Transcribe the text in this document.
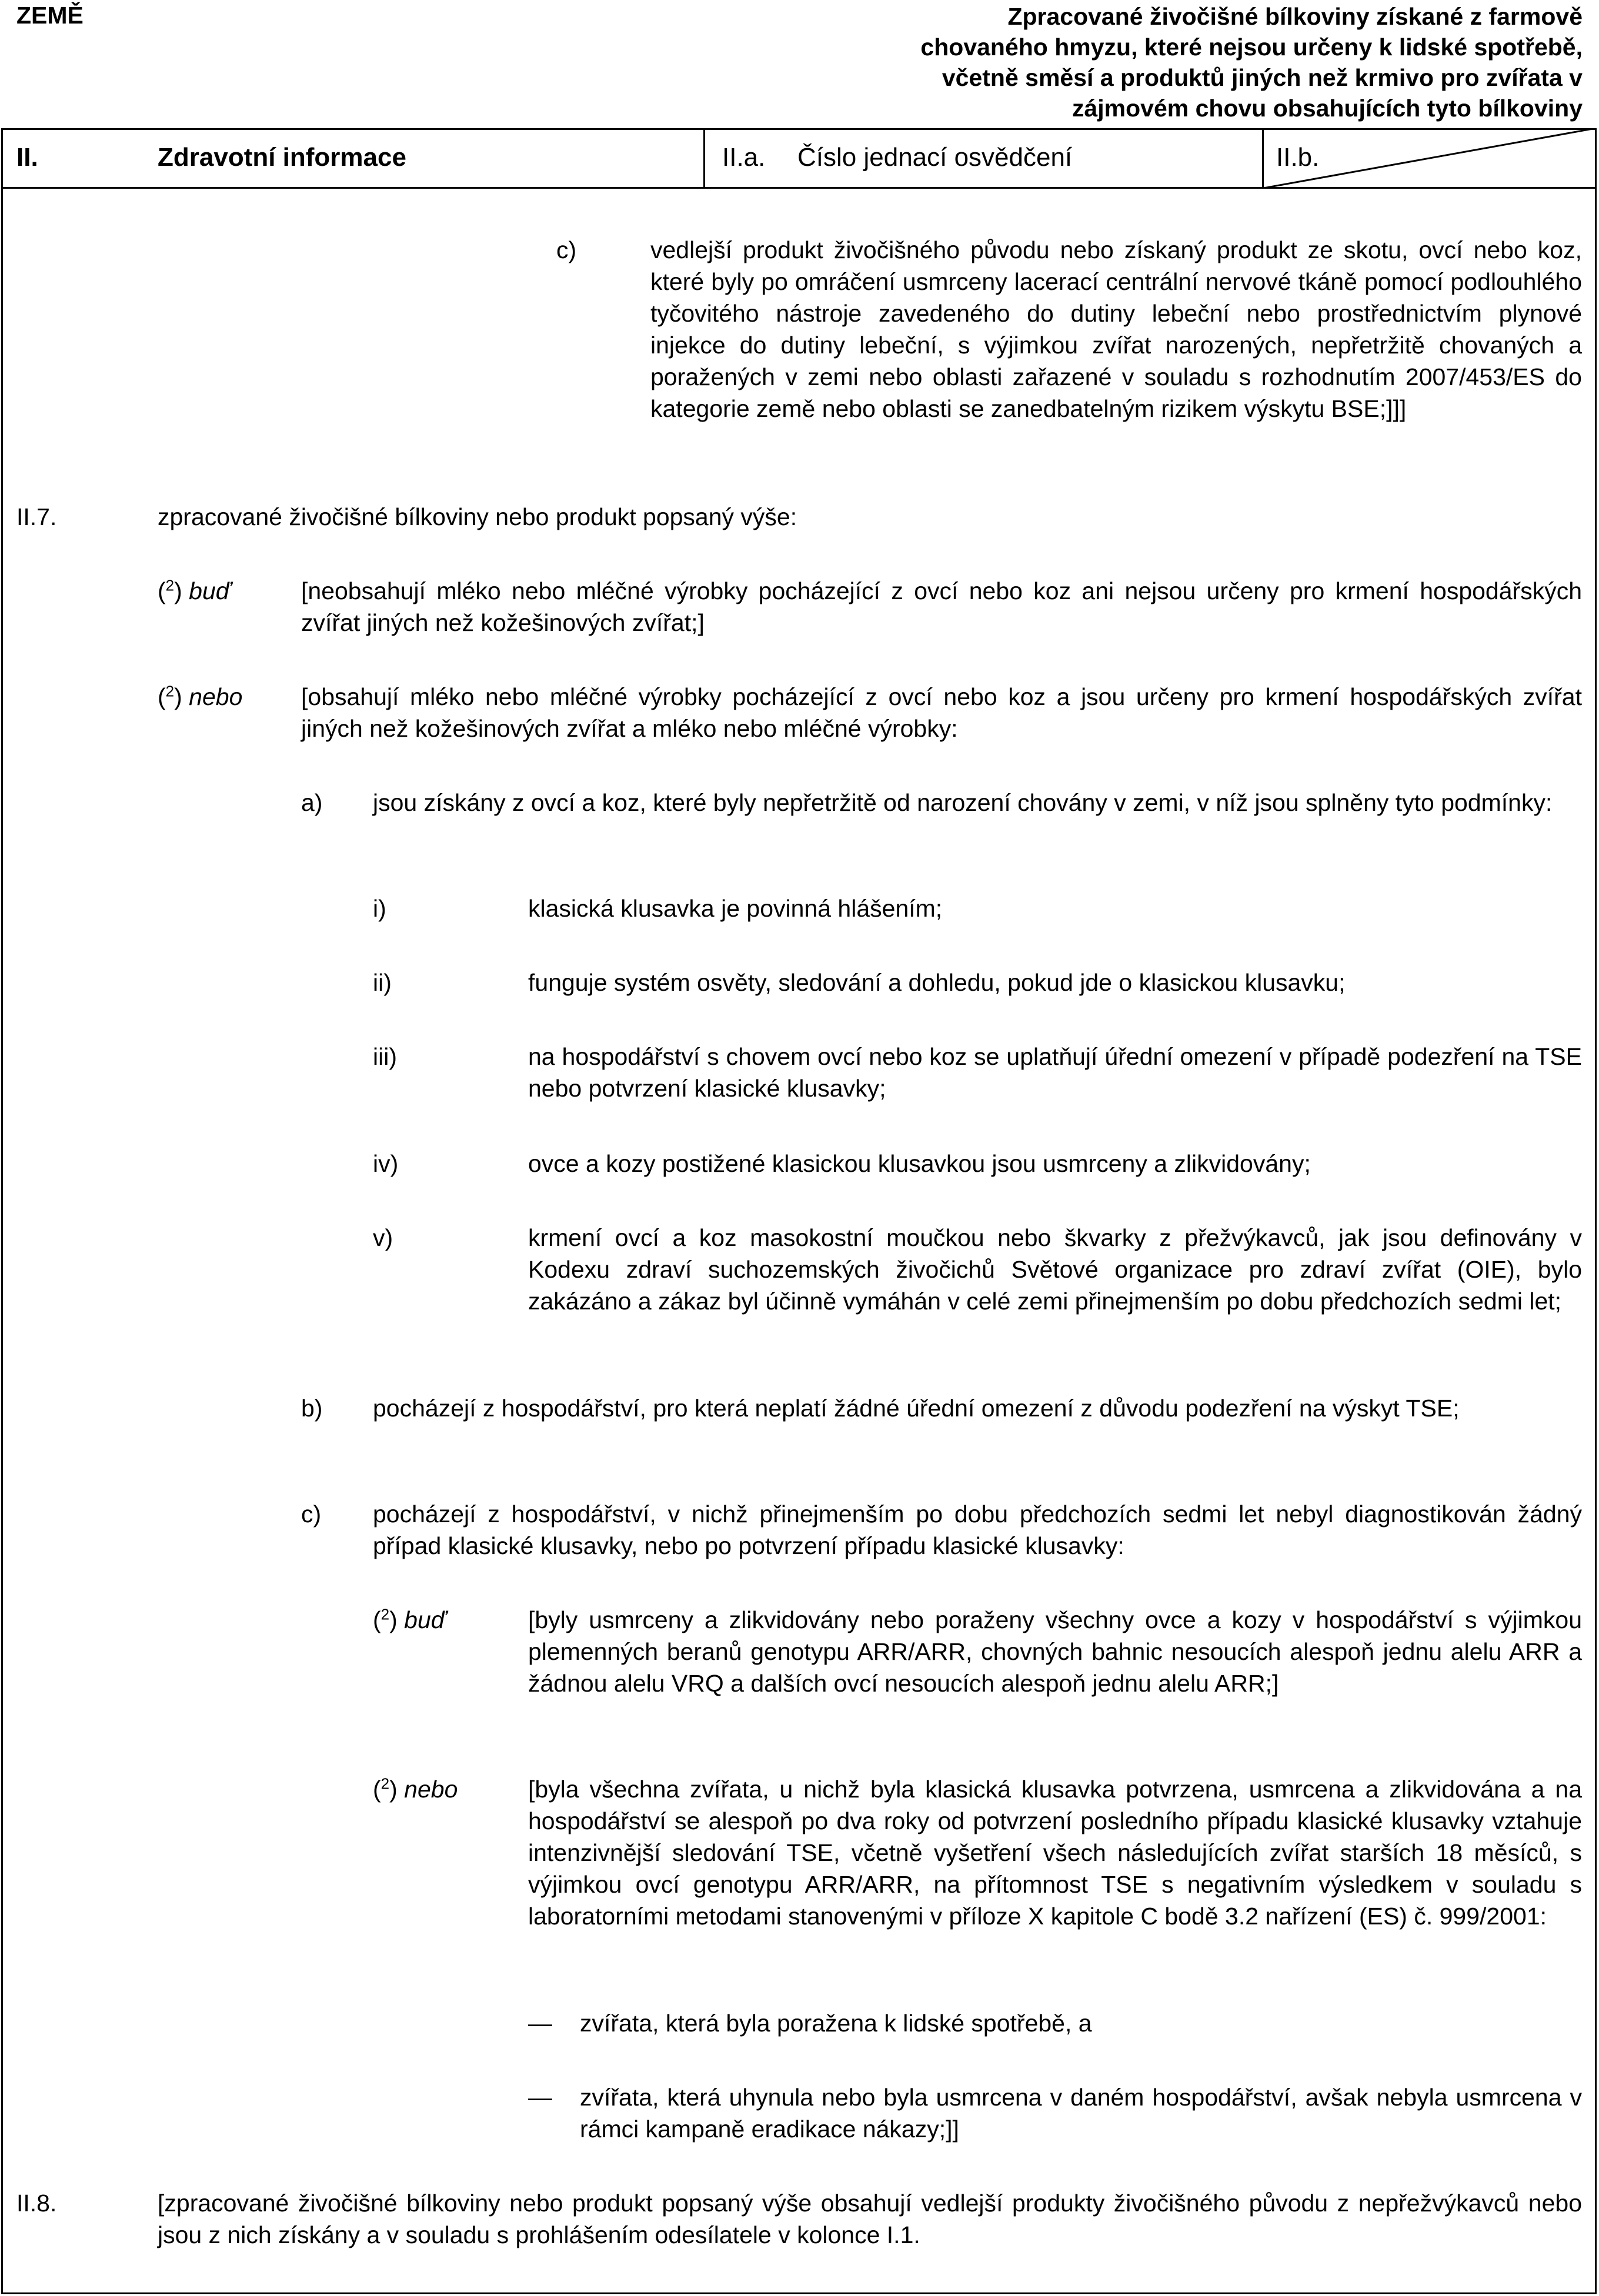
ZEMĚ	Zpracované živočišné bílkoviny získané z farmově
chovaného hmyzu, které nejsou určeny k lidské spotřebě,
včetně směsí a produktů jiných než krmivo pro zvířata v
zájmovém chovu obsahujících tyto bílkoviny
II.	Zdravotní informace	II.a. Číslo jednací osvědčení	II.b.
c)	vedlejší produkt živočišného původu nebo získaný produkt ze skotu, ovcí nebo koz, které byly po omráčení usmrceny lacerací centrální nervové tkáně pomocí podlouhlého tyčovitého nástroje zavedeného do dutiny lebeční nebo prostřednictvím plynové injekce do dutiny lebeční, s výjimkou zvířat narozených, nepřetržitě chovaných a poražených v zemi nebo oblasti zařazené v souladu s rozhodnutím 2007/453/ES do kategorie země nebo oblasti se zanedbatelným rizikem výskytu BSE;]]]
II.7.	zpracované živočišné bílkoviny nebo produkt popsaný výše:
($^2$) buď	[neobsahují mléko nebo mléčné výrobky pocházející z ovcí nebo koz ani nejsou určeny pro krmení hospodářských zvířat jiných než kožešinových zvířat;]
($^2$) nebo [obsahují mléko nebo mléčné výrobky pocházející z ovcí nebo koz a jsou určeny pro krmení hospodářských zvířat jiných než kožešinových zvířat a mléko nebo mléčné výrobky:
a) jsou získány z ovcí a koz, které byly nepřetržitě od narození chovány v zemi, v níž jsou splněny tyto podmínky:
i)	klasická klusavka je povinná hlášením;
ii)	funguje systém osvěty, sledování a dohledu, pokud jde o klasickou klusavku;
iii)	na hospodářství s chovem ovcí nebo koz se uplatňují úřední omezení v případě podezření na TSE nebo potvrzení klasické klusavky;
iv)	ovce a kozy postižené klasickou klusavkou jsou usmrceny a zlikvidovány;
v)	krmení ovcí a koz masokostní moučkou nebo škvarky z přežvýkavců, jak jsou definovány v Kodexu zdraví suchozemských živočichů Světové organizace pro zdraví zvířat (OIE), bylo zakázáno a zákaz byl účinně vymáhán v celé zemi přinejmenším po dobu předchozích sedmi let;
b) pocházejí z hospodářství, pro která neplatí žádné úřední omezení z důvodu podezření na výskyt TSE;
c) pocházejí z hospodářství, v nichž přinejmenším po dobu předchozích sedmi let nebyl diagnostikován žádný případ klasické klusavky, nebo po potvrzení případu klasické klusavky:
($^2$) buď	[byly usmrceny a zlikvidovány nebo poraženy všechny ovce a kozy v hospodářství s výjimkou plemenných beranů genotypu ARR/ARR, chovných bahnic nesoucích alespoň jednu alelu ARR a žádnou alelu VRQ a dalších ovcí nesoucích alespoň jednu alelu ARR;]
($^2$) nebo	[byla všechna zvířata, u nichž byla klasická klusavka potvrzena, usmrcena a zlikvidována a na hospodářství se alespoň po dva roky od potvrzení posledního případu klasické klusavky vztahuje intenzivnější sledování TSE, včetně vyšetření všech následujících zvířat starších 18 měsíců, s výjimkou ovcí genotypu ARR/ARR, na přítomnost TSE s negativním výsledkem v souladu s laboratorními metodami stanovenými v příloze X kapitole C bodě 3.2 nařízení (ES) č. 999/2001:
— zvířata, která byla poražena k lidské spotřebě, a
— zvířata, která uhynula nebo byla usmrcena v daném hospodářství, avšak nebyla usmrcena v rámci kampaně eradikace nákazy;]]
II.8.	[zpracované živočišné bílkoviny nebo produkt popsaný výše obsahují vedlejší produkty živočišného původu z nepřežvýkavců nebo jsou z nich získány a v souladu s prohlášením odesílatele v kolonce I.1.
